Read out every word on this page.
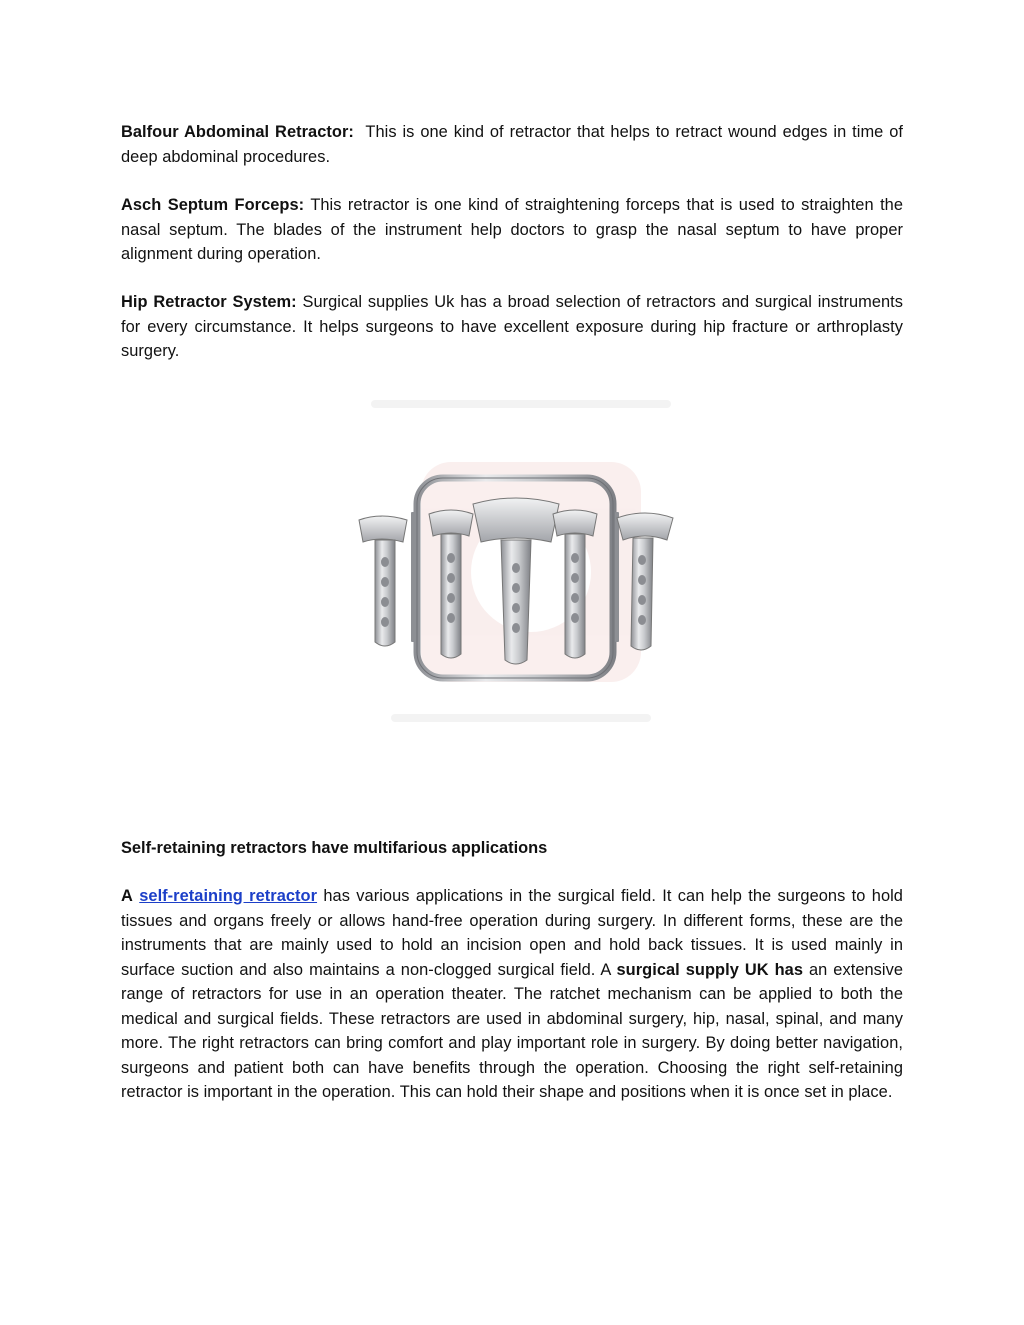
Balfour Abdominal Retractor: This is one kind of retractor that helps to retract wound edges in time of deep abdominal procedures.

Asch Septum Forceps: This retractor is one kind of straightening forceps that is used to straighten the nasal septum. The blades of the instrument help doctors to grasp the nasal septum to have proper alignment during operation.

Hip Retractor System: Surgical supplies Uk has a broad selection of retractors and surgical instruments for every circumstance. It helps surgeons to have excellent exposure during hip fracture or arthroplasty surgery.

Self-retaining retractors have multifarious applications

A self-retaining retractor has various applications in the surgical field. It can help the surgeons to hold tissues and organs freely or allows hand-free operation during surgery. In different forms, these are the instruments that are mainly used to hold an incision open and hold back tissues. It is used mainly in surface suction and also maintains a non-clogged surgical field. A surgical supply UK has an extensive range of retractors for use in an operation theater. The ratchet mechanism can be applied to both the medical and surgical fields. These retractors are used in abdominal surgery, hip, nasal, spinal, and many more. The right retractors can bring comfort and play important role in surgery. By doing better navigation, surgeons and patient both can have benefits through the operation. Choosing the right self-retaining retractor is important in the operation. This can hold their shape and positions when it is once set in place.
